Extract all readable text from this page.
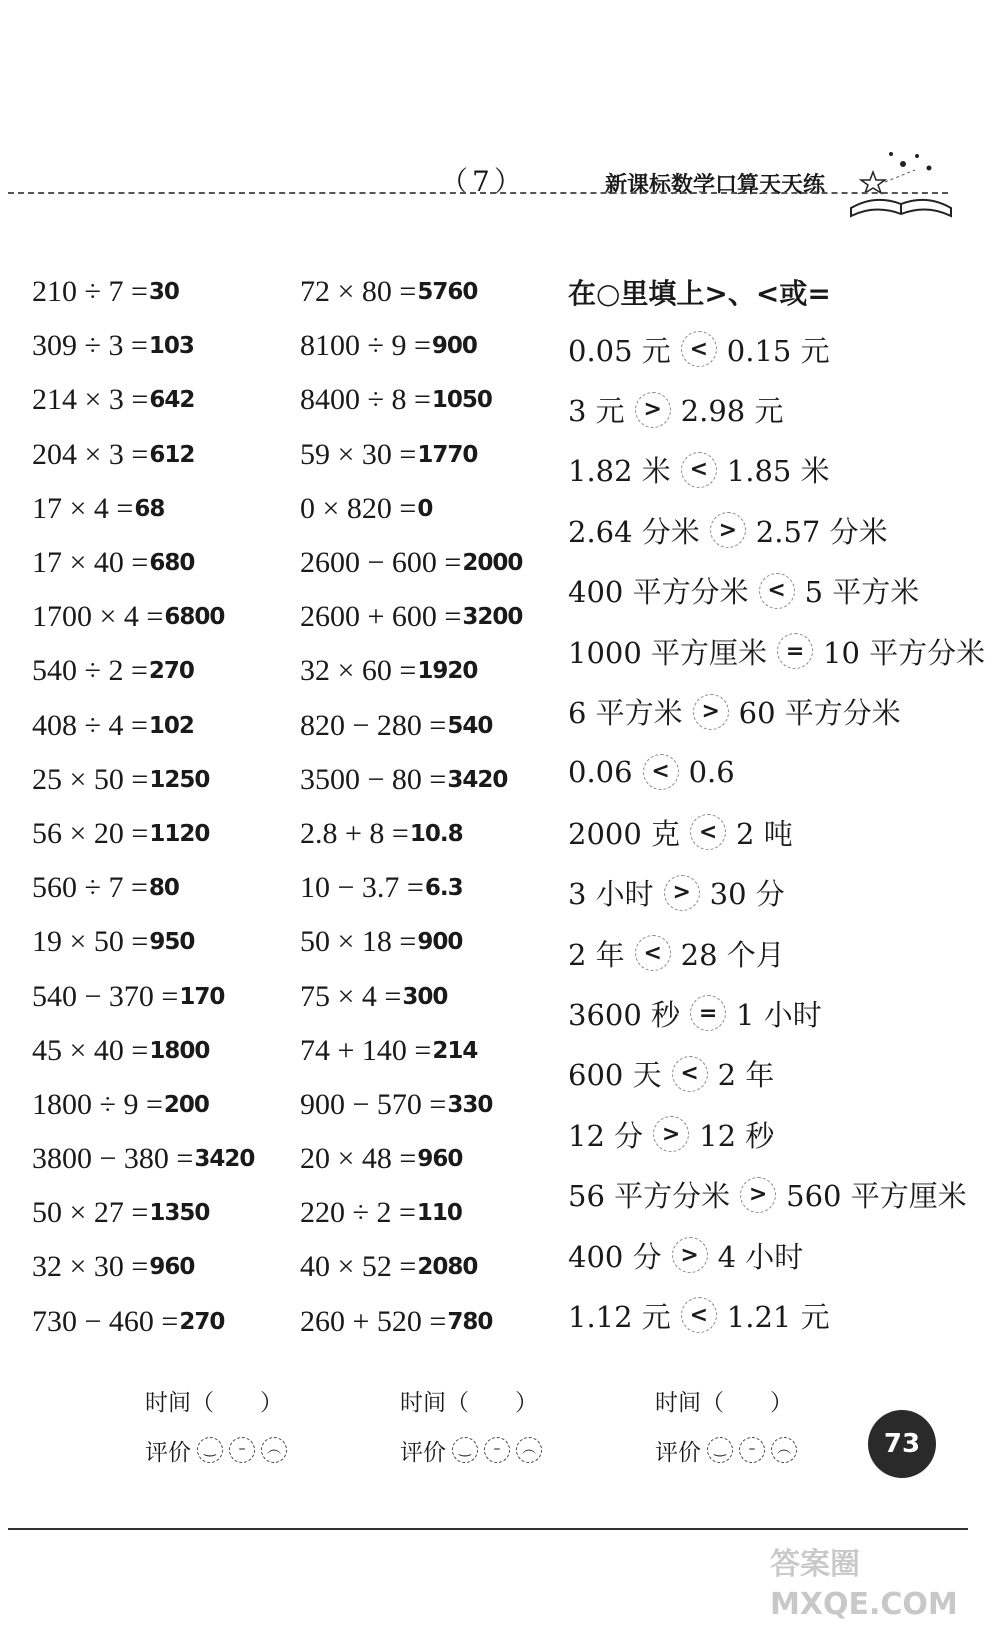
（7）	新课标数学口算天天练
210 ÷ 7 = 30
309 ÷ 3 = 103
214 × 3 = 642
204 × 3 = 612
17 × 4 = 68
17 × 40 = 680
1700 × 4 = 6800
540 ÷ 2 = 270
408 ÷ 4 = 102
25 × 50 = 1250
56 × 20 = 1120
560 ÷ 7 = 80
19 × 50 = 950
540 − 370 = 170
45 × 40 = 1800
1800 ÷ 9 = 200
3800 − 380 = 3420
50 × 27 = 1350
32 × 30 = 960
730 − 460 = 270
72 × 80 = 5760
8100 ÷ 9 = 900
8400 ÷ 8 = 1050
59 × 30 = 1770
0 × 820 = 0
2600 − 600 = 2000
2600 + 600 = 3200
32 × 60 = 1920
820 − 280 = 540
3500 − 80 = 3420
2.8 + 8 = 10.8
10 − 3.7 = 6.3
50 × 18 = 900
75 × 4 = 300
74 + 140 = 214
900 − 570 = 330
20 × 48 = 960
220 ÷ 2 = 110
40 × 52 = 2080
260 + 520 = 780
在○里填上>、<或=
0.05 元 < 0.15 元
3 元 > 2.98 元
1.82 米 < 1.85 米
2.64 分米 > 2.57 分米
400 平方分米 < 5 平方米
1000 平方厘米 = 10 平方分米
6 平方米 > 60 平方分米
0.06 < 0.6
2000 克 < 2 吨
3 小时 > 30 分
2 年 < 28 个月
3600 秒 = 1 小时
600 天 < 2 年
12 分 > 12 秒
56 平方分米 > 560 平方厘米
400 分 > 4 小时
1.12 元 < 1.21 元
时间（　　）
评价 ‿	–	︵
时间（　　）
评价 ‿	–	︵
时间（　　）
评价 ‿	–	︵	73
答案圈
MXQE.COM
